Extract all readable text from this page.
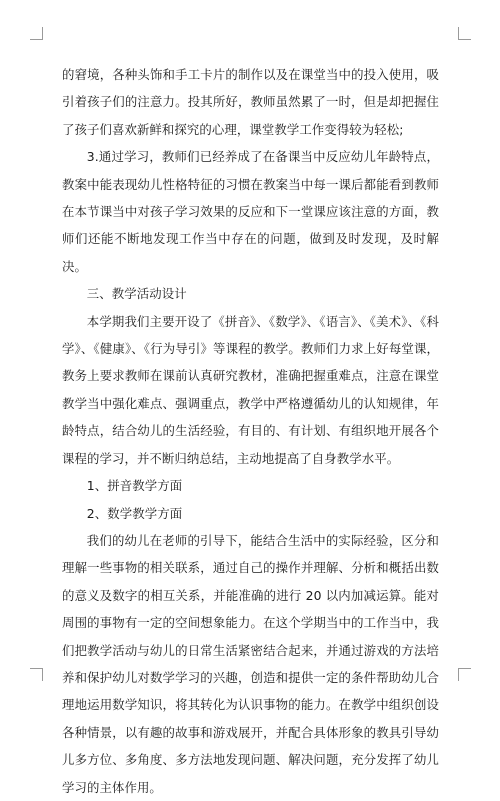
的窘境，各种头饰和手工卡片的制作以及在课堂当中的投入使用，吸引着孩子们的注意力。投其所好，教师虽然累了一时，但是却把握住了孩子们喜欢新鲜和探究的心理，课堂教学工作变得较为轻松;

3.通过学习，教师们已经养成了在备课当中反应幼儿年龄特点，教案中能表现幼儿性格特征的习惯在教案当中每一课后都能看到教师在本节课当中对孩子学习效果的反应和下一堂课应该注意的方面，教师们还能不断地发现工作当中存在的问题，做到及时发现，及时解决。

三、教学活动设计

本学期我们主要开设了《拼音》、《数学》、《语言》、《美术》、《科学》、《健康》、《行为导引》等课程的教学。教师们力求上好每堂课，教务上要求教师在课前认真研究教材，准确把握重难点，注意在课堂教学当中强化难点、强调重点，教学中严格遵循幼儿的认知规律，年龄特点，结合幼儿的生活经验，有目的、有计划、有组织地开展各个课程的学习，并不断归纳总结，主动地提高了自身教学水平。

1、拼音教学方面

2、数学教学方面

我们的幼儿在老师的引导下，能结合生活中的实际经验，区分和理解一些事物的相关联系，通过自己的操作并理解、分析和概括出数的意义及数字的相互关系，并能准确的进行 20 以内加减运算。能对周围的事物有一定的空间想象能力。在这个学期当中的工作当中，我们把教学活动与幼儿的日常生活紧密结合起来，并通过游戏的方法培养和保护幼儿对数学学习的兴趣，创造和提供一定的条件帮助幼儿合理地运用数学知识，将其转化为认识事物的能力。在教学中组织创设各种情景，以有趣的故事和游戏展开，并配合具体形象的教具引导幼儿多方位、多角度、多方法地发现问题、解决问题，充分发挥了幼儿学习的主体作用。
